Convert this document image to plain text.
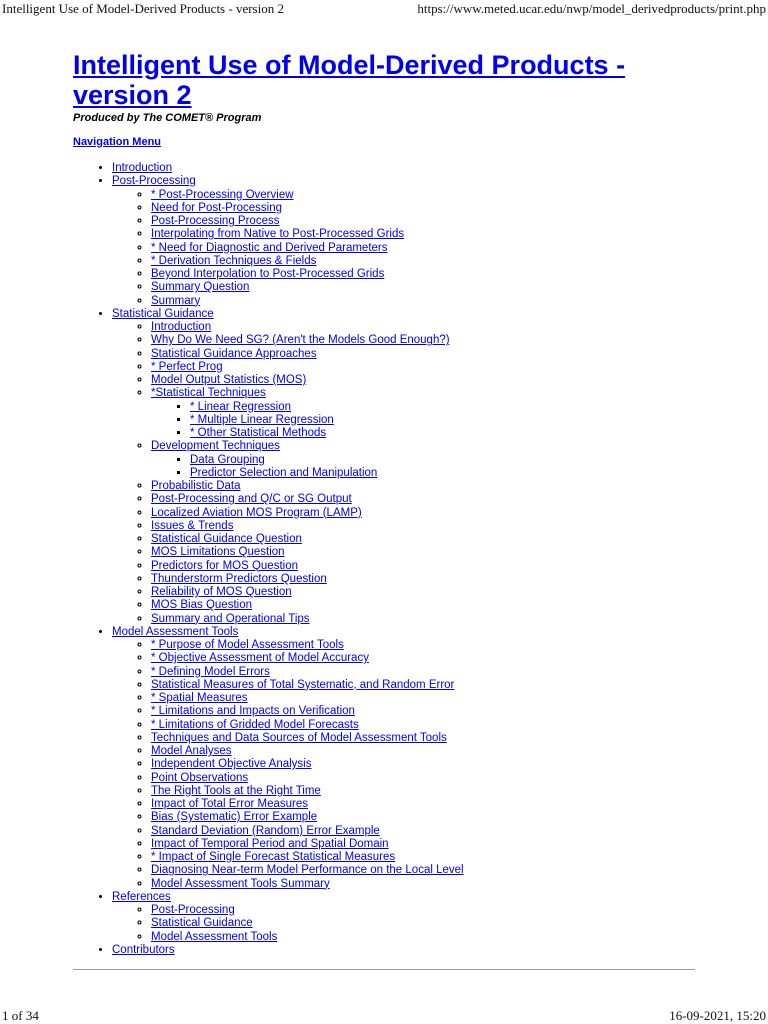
Intelligent Use of Model-Derived Products - version 2	https://www.meted.ucar.edu/nwp/model_derivedproducts/print.php
Intelligent Use of Model-Derived Products - version 2

Produced by The COMET® Program

Navigation Menu

• Introduction
• Post-Processing
◦ * Post-Processing Overview
◦ Need for Post-Processing
◦ Post-Processing Process
◦ Interpolating from Native to Post-Processed Grids
◦ * Need for Diagnostic and Derived Parameters
◦ * Derivation Techniques & Fields
◦ Beyond Interpolation to Post-Processed Grids
◦ Summary Question
◦ Summary
• Statistical Guidance
◦ Introduction
◦ Why Do We Need SG? (Aren't the Models Good Enough?)
◦ Statistical Guidance Approaches
◦ * Perfect Prog
◦ Model Output Statistics (MOS)
◦ *Statistical Techniques
▪ * Linear Regression
▪ * Multiple Linear Regression
▪ * Other Statistical Methods
◦ Development Techniques
▪ Data Grouping
▪ Predictor Selection and Manipulation
◦ Probabilistic Data
◦ Post-Processing and Q/C or SG Output
◦ Localized Aviation MOS Program (LAMP)
◦ Issues & Trends
◦ Statistical Guidance Question
◦ MOS Limitations Question
◦ Predictors for MOS Question
◦ Thunderstorm Predictors Question
◦ Reliability of MOS Question
◦ MOS Bias Question
◦ Summary and Operational Tips
• Model Assessment Tools
◦ * Purpose of Model Assessment Tools
◦ * Objective Assessment of Model Accuracy
◦ * Defining Model Errors
◦ Statistical Measures of Total Systematic, and Random Error
◦ * Spatial Measures
◦ * Limitations and Impacts on Verification
◦ * Limitations of Gridded Model Forecasts
◦ Techniques and Data Sources of Model Assessment Tools
◦ Model Analyses
◦ Independent Objective Analysis
◦ Point Observations
◦ The Right Tools at the Right Time
◦ Impact of Total Error Measures
◦ Bias (Systematic) Error Example
◦ Standard Deviation (Random) Error Example
◦ Impact of Temporal Period and Spatial Domain
◦ * Impact of Single Forecast Statistical Measures
◦ Diagnosing Near-term Model Performance on the Local Level
◦ Model Assessment Tools Summary
• References
◦ Post-Processing
◦ Statistical Guidance
◦ Model Assessment Tools
• Contributors
1 of 34	16-09-2021, 15:20
